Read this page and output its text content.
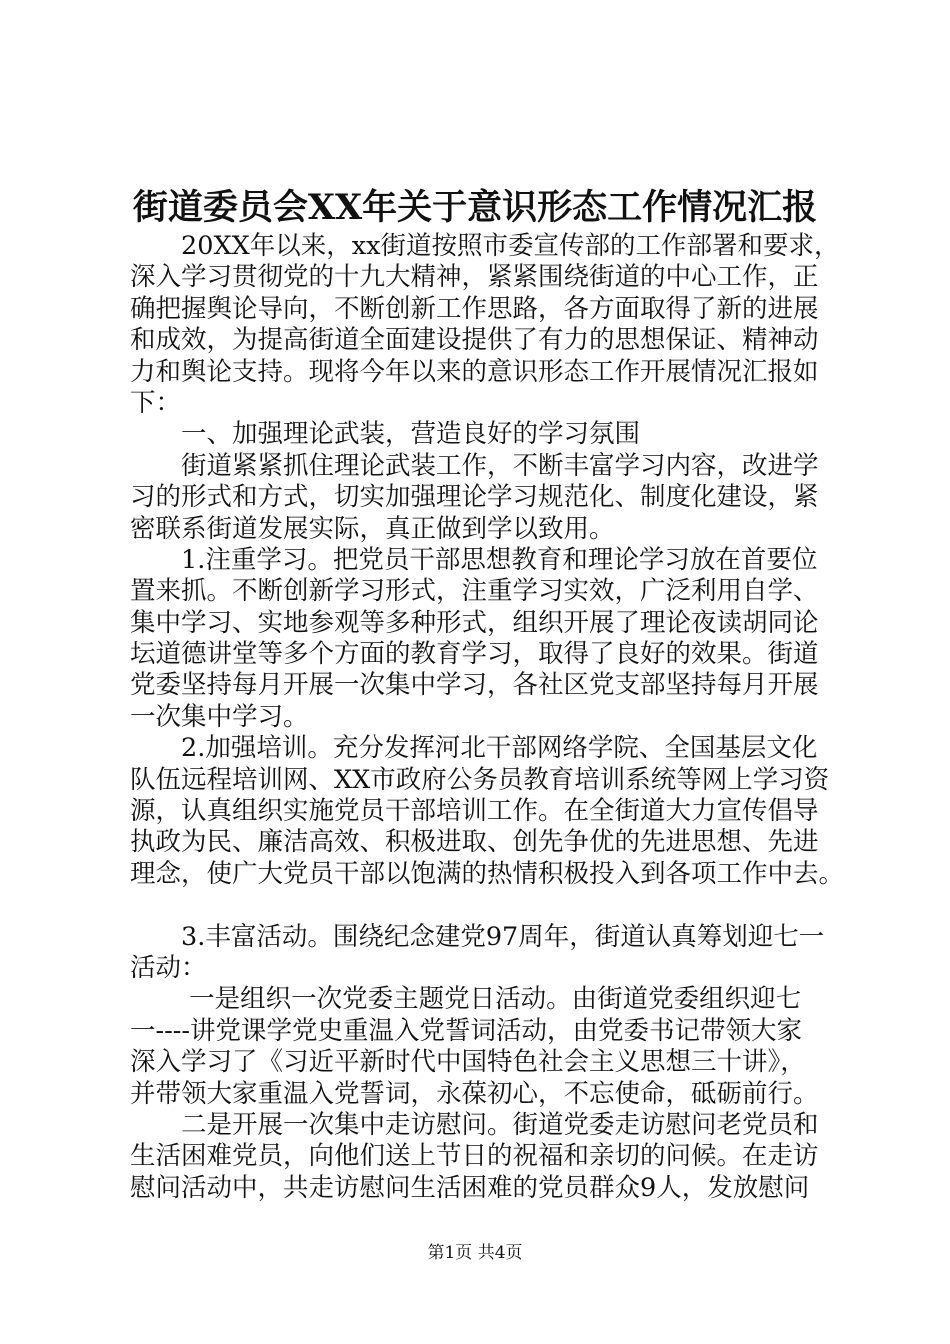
街道委员会XX年关于意识形态工作情况汇报
　　20XX年以来，xx街道按照市委宣传部的工作部署和要求，
深入学习贯彻党的十九大精神，紧紧围绕街道的中心工作，正
确把握舆论导向，不断创新工作思路，各方面取得了新的进展
和成效，为提高街道全面建设提供了有力的思想保证、精神动
力和舆论支持。现将今年以来的意识形态工作开展情况汇报如
下：
　　一、加强理论武装，营造良好的学习氛围
　　街道紧紧抓住理论武装工作，不断丰富学习内容，改进学
习的形式和方式，切实加强理论学习规范化、制度化建设，紧
密联系街道发展实际，真正做到学以致用。
　　1.注重学习。把党员干部思想教育和理论学习放在首要位
置来抓。不断创新学习形式，注重学习实效，广泛利用自学、
集中学习、实地参观等多种形式，组织开展了理论夜读胡同论
坛道德讲堂等多个方面的教育学习，取得了良好的效果。街道
党委坚持每月开展一次集中学习，各社区党支部坚持每月开展
一次集中学习。
　　2.加强培训。充分发挥河北干部网络学院、全国基层文化
队伍远程培训网、XX市政府公务员教育培训系统等网上学习资
源，认真组织实施党员干部培训工作。在全街道大力宣传倡导
执政为民、廉洁高效、积极进取、创先争优的先进思想、先进
理念，使广大党员干部以饱满的热情积极投入到各项工作中去。
　　3.丰富活动。围绕纪念建党97周年，街道认真筹划迎七一
活动：
　　 一是组织一次党委主题党日活动。由街道党委组织迎七
一----讲党课学党史重温入党誓词活动，由党委书记带领大家
深入学习了《习近平新时代中国特色社会主义思想三十讲》，
并带领大家重温入党誓词，永葆初心，不忘使命，砥砺前行。
　　二是开展一次集中走访慰问。街道党委走访慰问老党员和
生活困难党员，向他们送上节日的祝福和亲切的问候。在走访
慰问活动中，共走访慰问生活困难的党员群众9人，发放慰问
第1页 共4页
